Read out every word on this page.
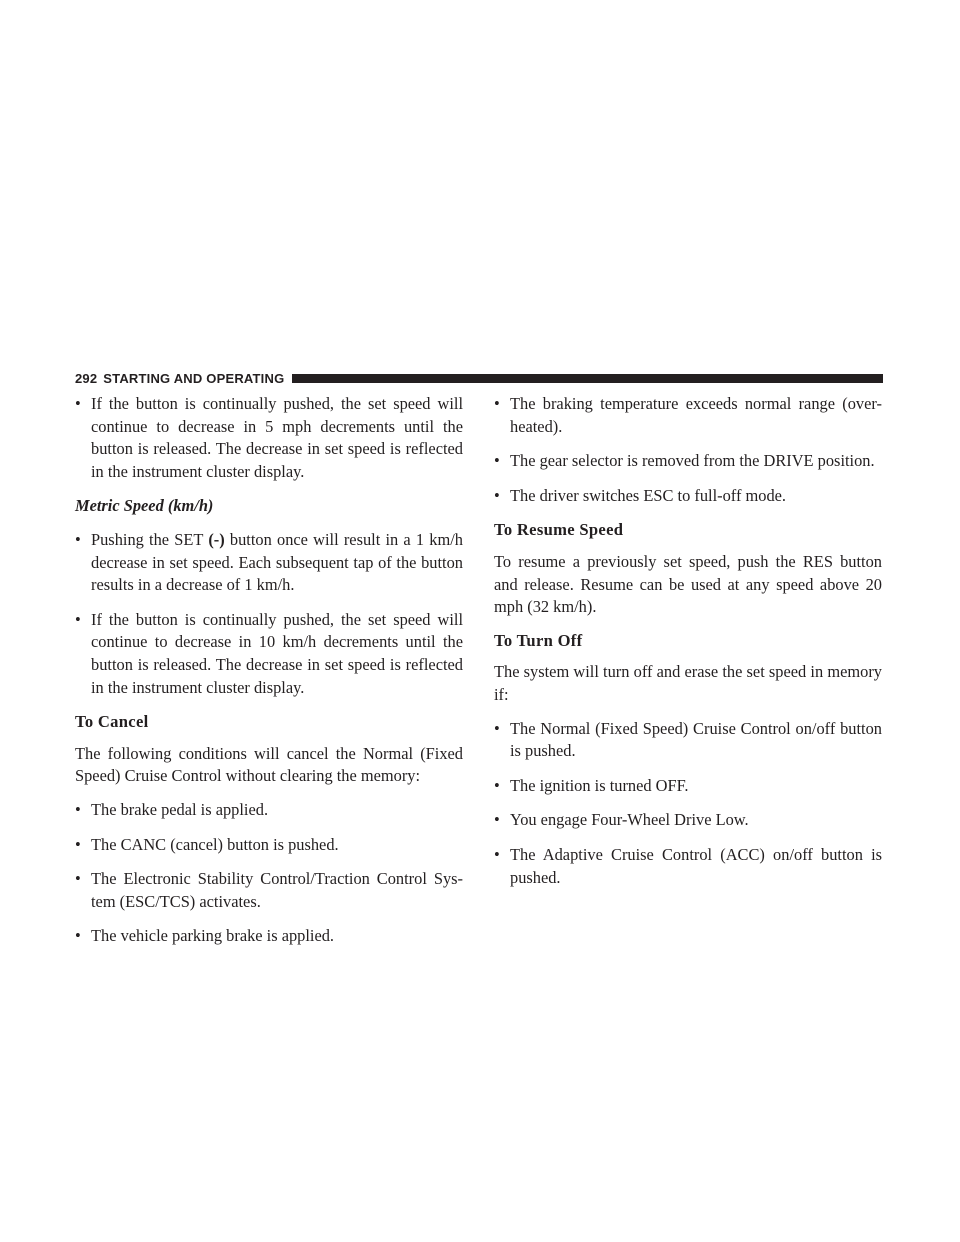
292 STARTING AND OPERATING
• If the button is continually pushed, the set speed will continue to decrease in 5 mph decrements until the button is released. The decrease in set speed is reflected in the instrument cluster display.
Metric Speed (km/h)
• Pushing the SET (-) button once will result in a 1 km/h decrease in set speed. Each subsequent tap of the button results in a decrease of 1 km/h.
• If the button is continually pushed, the set speed will continue to decrease in 10 km/h decrements until the button is released. The decrease in set speed is reflected in the instrument cluster display.
To Cancel
The following conditions will cancel the Normal (Fixed Speed) Cruise Control without clearing the memory:
• The brake pedal is applied.
• The CANC (cancel) button is pushed.
• The Electronic Stability Control/Traction Control Sys-tem (ESC/TCS) activates.
• The vehicle parking brake is applied.
• The braking temperature exceeds normal range (over-heated).
• The gear selector is removed from the DRIVE position.
• The driver switches ESC to full-off mode.
To Resume Speed
To resume a previously set speed, push the RES button and release. Resume can be used at any speed above 20 mph (32 km/h).
To Turn Off
The system will turn off and erase the set speed in memory if:
• The Normal (Fixed Speed) Cruise Control on/off button is pushed.
• The ignition is turned OFF.
• You engage Four-Wheel Drive Low.
• The Adaptive Cruise Control (ACC) on/off button is pushed.
